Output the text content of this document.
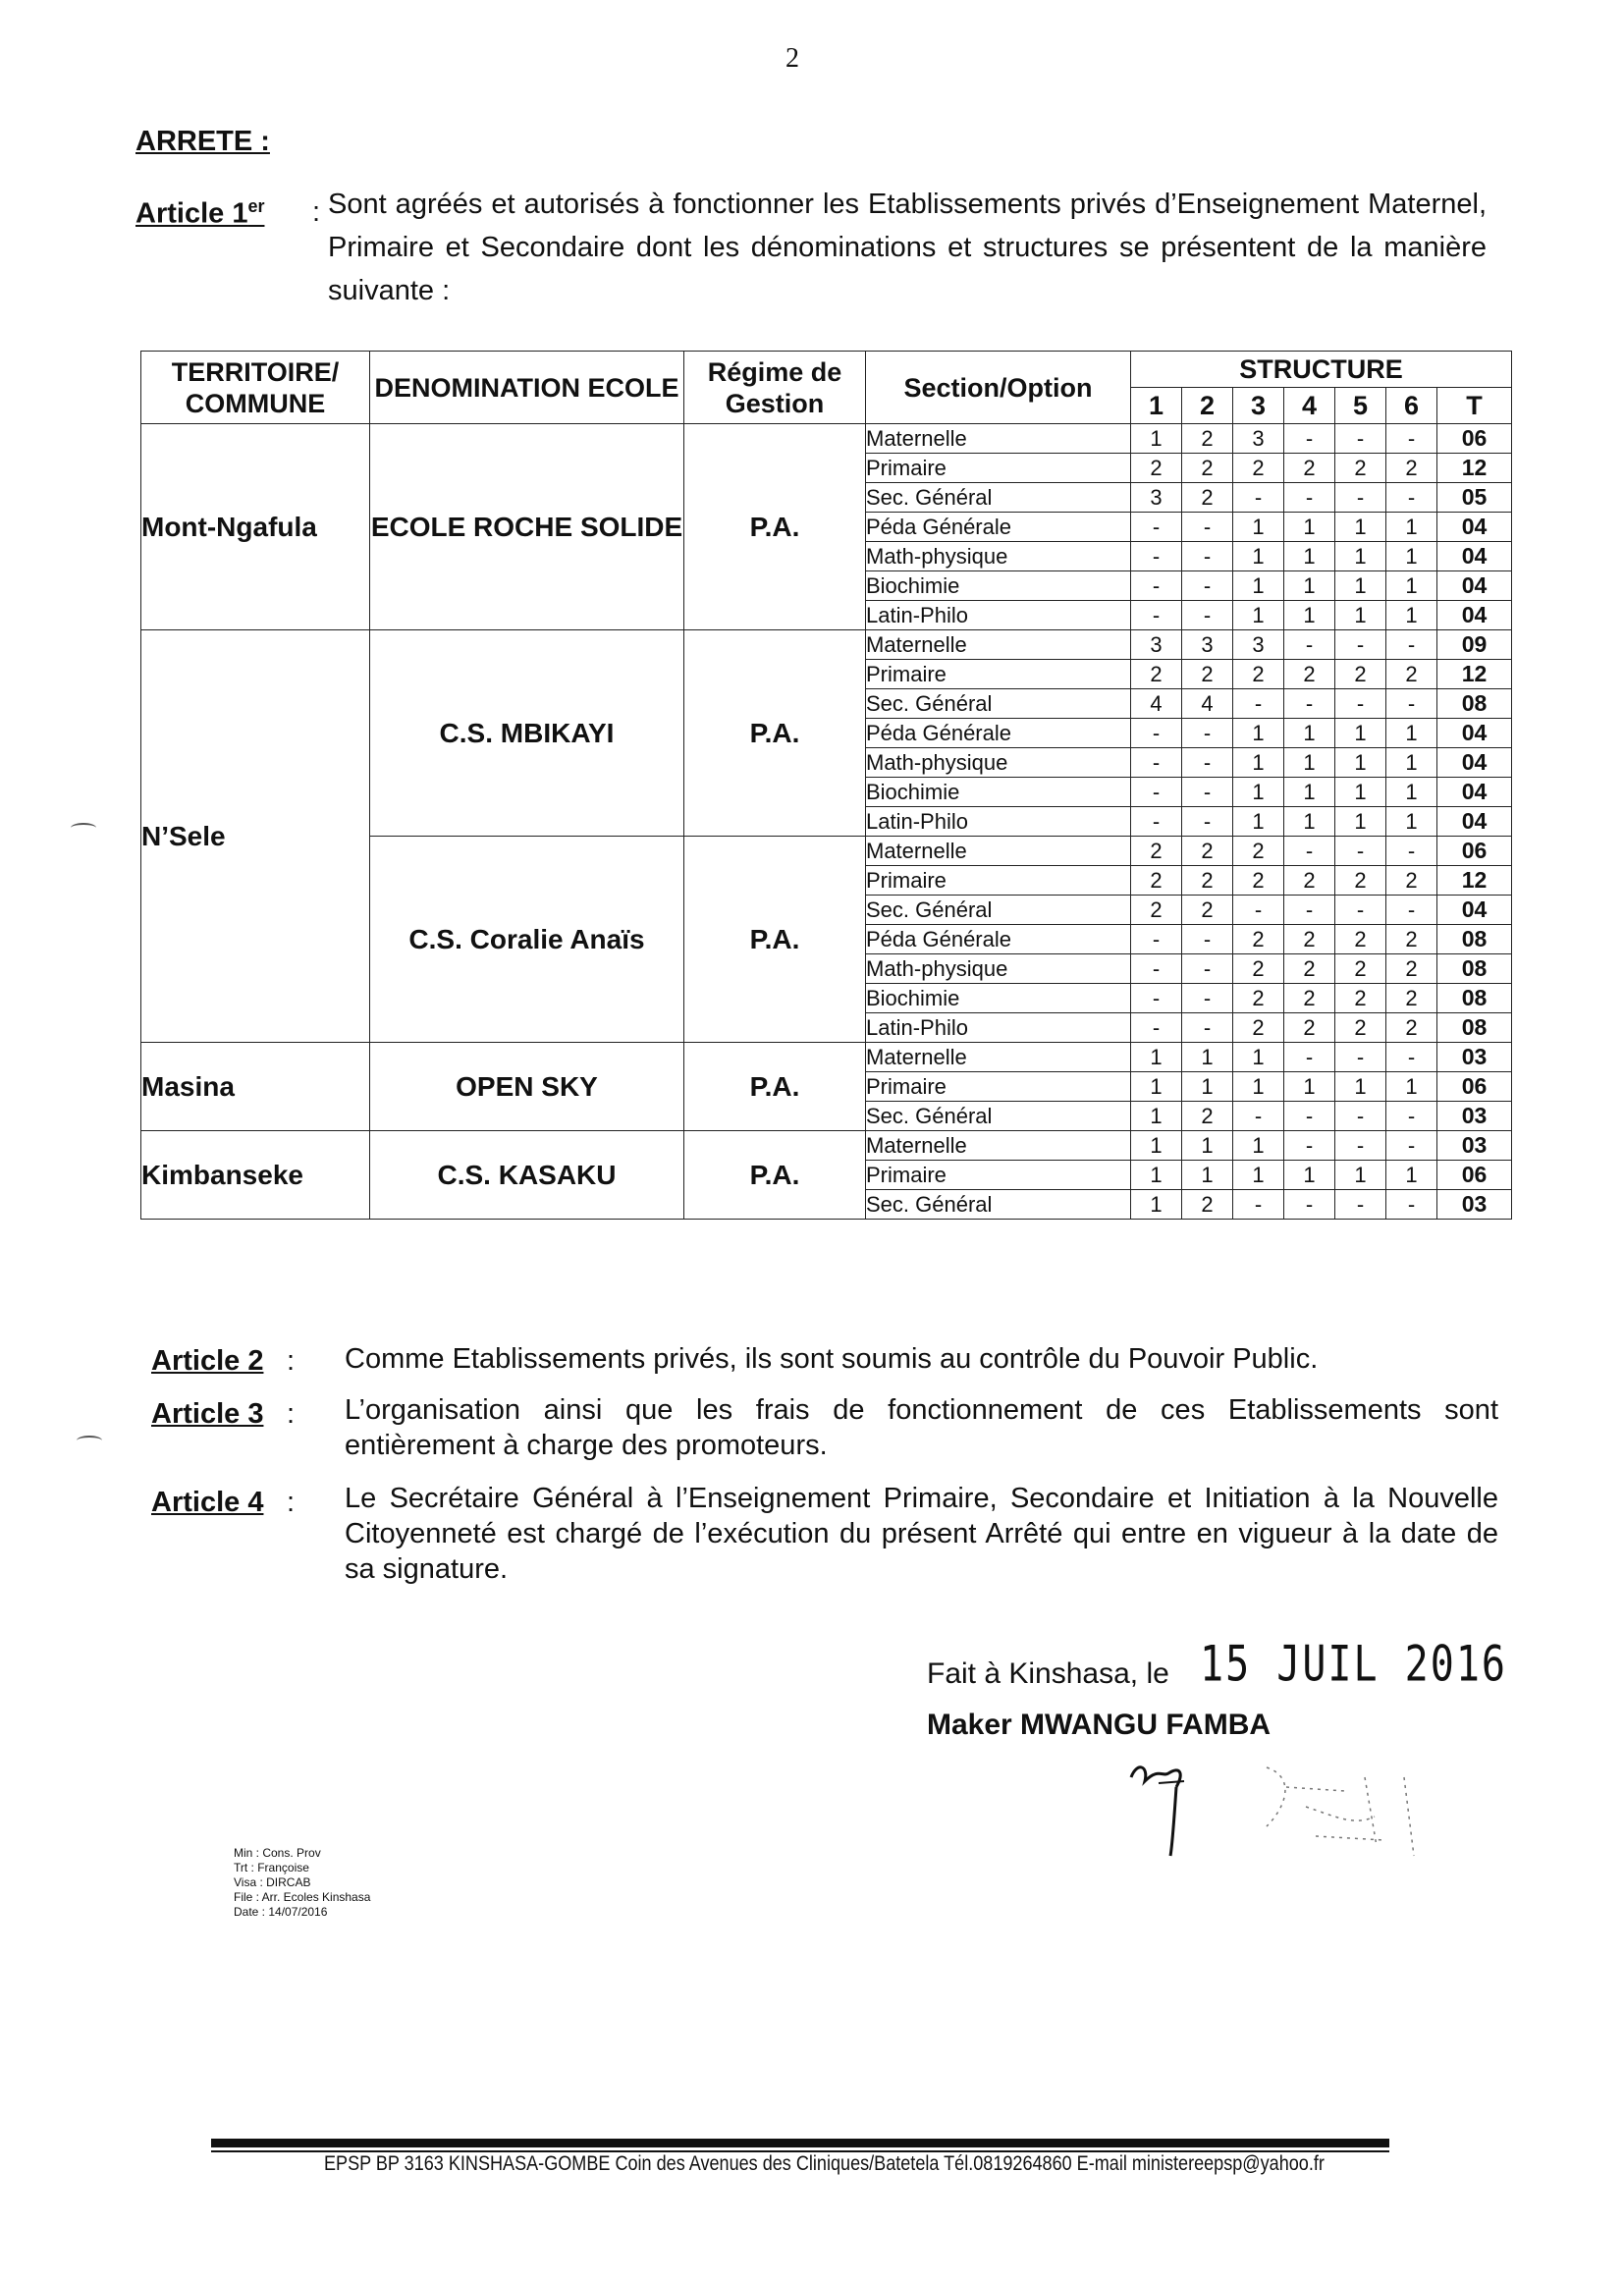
2
ARRETE :
Article 1er : Sont agréés et autorisés à fonctionner les Etablissements privés d’Enseignement Maternel, Primaire et Secondaire dont les dénominations et structures se présentent de la manière suivante :
TERRITOIRE/ COMMUNE	DENOMINATION ECOLE	Régime de Gestion	Section/Option	STRUCTURE						
				1	2	3	4	5	6	T
Mont-Ngafula	ECOLE ROCHE SOLIDE	P.A.	Maternelle	1	2	3	-	-	-	06
			Primaire	2	2	2	2	2	2	12
			Sec. Général	3	2	-	-	-	-	05
			Péda Générale	-	-	1	1	1	1	04
			Math-physique	-	-	1	1	1	1	04
			Biochimie	-	-	1	1	1	1	04
			Latin-Philo	-	-	1	1	1	1	04
N’Sele	C.S. MBIKAYI	P.A.	Maternelle	3	3	3	-	-	-	09
			Primaire	2	2	2	2	2	2	12
			Sec. Général	4	4	-	-	-	-	08
			Péda Générale	-	-	1	1	1	1	04
			Math-physique	-	-	1	1	1	1	04
			Biochimie	-	-	1	1	1	1	04
			Latin-Philo	-	-	1	1	1	1	04
	C.S. Coralie Anaïs	P.A.	Maternelle	2	2	2	-	-	-	06
			Primaire	2	2	2	2	2	2	12
			Sec. Général	2	2	-	-	-	-	04
			Péda Générale	-	-	2	2	2	2	08
			Math-physique	-	-	2	2	2	2	08
			Biochimie	-	-	2	2	2	2	08
			Latin-Philo	-	-	2	2	2	2	08
Masina	OPEN SKY	P.A.	Maternelle	1	1	1	-	-	-	03
			Primaire	1	1	1	1	1	1	06
			Sec. Général	1	2	-	-	-	-	03
Kimbanseke	C.S. KASAKU	P.A.	Maternelle	1	1	1	-	-	-	03
			Primaire	1	1	1	1	1	1	06
			Sec. Général	1	2	-	-	-	-	03
Article 2 : Comme Etablissements privés, ils sont soumis au contrôle du Pouvoir Public.
Article 3 : L’organisation ainsi que les frais de fonctionnement de ces Etablissements sont entièrement à charge des promoteurs.
Article 4 : Le Secrétaire Général à l’Enseignement Primaire, Secondaire et Initiation à la Nouvelle Citoyenneté est chargé de l’exécution du présent Arrêté qui entre en vigueur à la date de sa signature.
Fait à Kinshasa, le 15 JUIL 2016
Maker MWANGU FAMBA
Min : Cons. Prov
Trt : Françoise
Visa : DIRCAB
File : Arr. Ecoles Kinshasa
Date : 14/07/2016
EPSP BP 3163 KINSHASA-GOMBE Coin des Avenues des Cliniques/Batetela Tél.0819264860 E-mail ministereepsp@yahoo.fr
